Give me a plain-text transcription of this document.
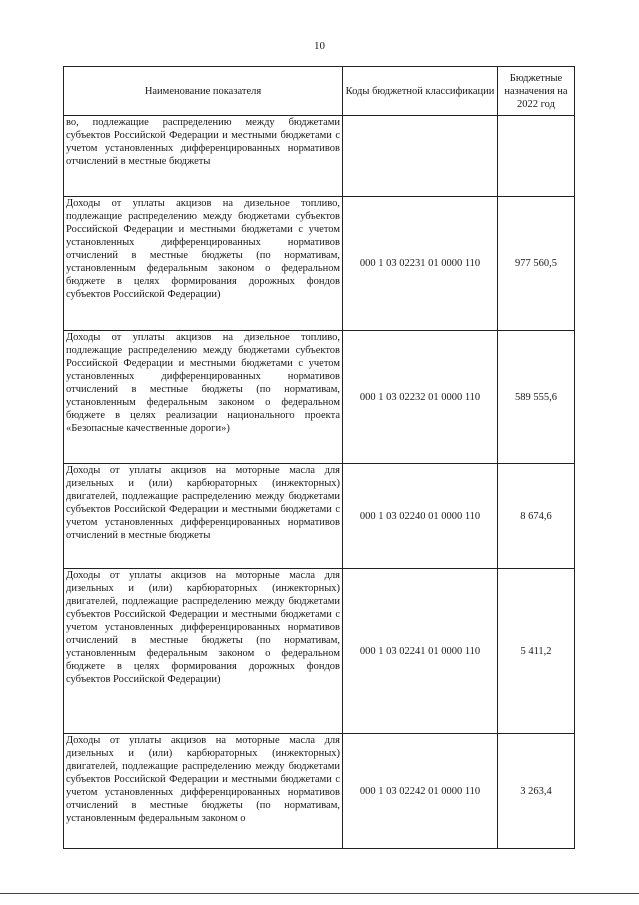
10
Наименование показателя	Коды бюджетной классификации	Бюджетные назначения на 2022 год
во, подлежащие распределению между бюджетами субъектов Российской Федерации и местными бюджетами с учетом установленных дифференцированных нормативов отчислений в местные бюджеты		
Доходы от уплаты акцизов на дизельное топливо, подлежащие распределению между бюджетами субъектов Российской Федерации и местными бюджетами с учетом установленных дифференцированных нормативов отчислений в местные бюджеты (по нормативам, установленным федеральным законом о федеральном бюджете в целях формирования дорожных фондов субъектов Российской Федерации)	000 1 03 02231 01 0000 110	977 560,5
Доходы от уплаты акцизов на дизельное топливо, подлежащие распределению между бюджетами субъектов Российской Федерации и местными бюджетами с учетом установленных дифференцированных нормативов отчислений в местные бюджеты (по нормативам, установленным федеральным законом о федеральном бюджете в целях реализации национального проекта «Безопасные качественные дороги»)	000 1 03 02232 01 0000 110	589 555,6
Доходы от уплаты акцизов на моторные масла для дизельных и (или) карбюраторных (инжекторных) двигателей, подлежащие распределению между бюджетами субъектов Российской Федерации и местными бюджетами с учетом установленных дифференцированных нормативов отчислений в местные бюджеты	000 1 03 02240 01 0000 110	8 674,6
Доходы от уплаты акцизов на моторные масла для дизельных и (или) карбюраторных (инжекторных) двигателей, подлежащие распределению между бюджетами субъектов Российской Федерации и местными бюджетами с учетом установленных дифференцированных нормативов отчислений в местные бюджеты (по нормативам, установленным федеральным законом о федеральном бюджете в целях формирования дорожных фондов субъектов Российской Федерации)	000 1 03 02241 01 0000 110	5 411,2
Доходы от уплаты акцизов на моторные масла для дизельных и (или) карбюраторных (инжекторных) двигателей, подлежащие распределению между бюджетами субъектов Российской Федерации и местными бюджетами с учетом установленных дифференцированных нормативов отчислений в местные бюджеты (по нормативам, установленным федеральным законом о	000 1 03 02242 01 0000 110	3 263,4
